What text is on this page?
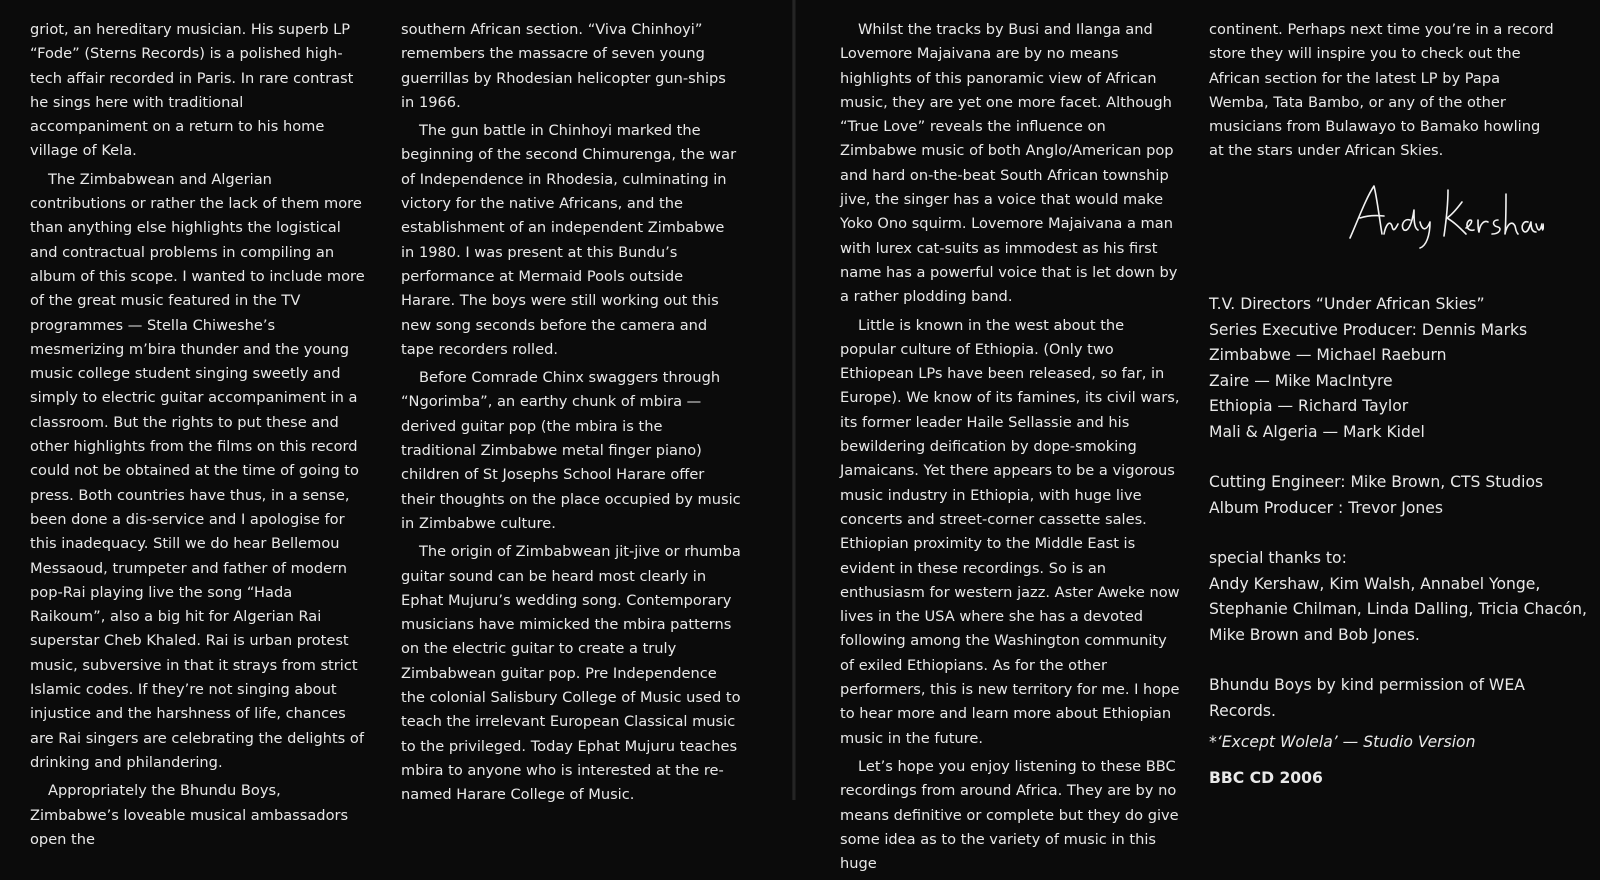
griot, an hereditary musician. His superb LP “Fode” (Sterns Records) is a polished high-tech affair recorded in Paris. In rare contrast he sings here with traditional accompaniment on a return to his home village of Kela.

The Zimbabwean and Algerian contributions or rather the lack of them more than anything else highlights the logistical and contractual problems in compiling an album of this scope. I wanted to include more of the great music featured in the TV programmes — Stella Chiweshe’s mesmerizing m’bira thunder and the young music college student singing sweetly and simply to electric guitar accompaniment in a classroom. But the rights to put these and other highlights from the films on this record could not be obtained at the time of going to press. Both countries have thus, in a sense, been done a dis-service and I apologise for this inadequacy. Still we do hear Bellemou Messaoud, trumpeter and father of modern pop-Rai playing live the song “Hada Raikoum”, also a big hit for Algerian Rai superstar Cheb Khaled. Rai is urban protest music, subversive in that it strays from strict Islamic codes. If they’re not singing about injustice and the harshness of life, chances are Rai singers are celebrating the delights of drinking and philandering.

Appropriately the Bhundu Boys, Zimbabwe’s loveable musical ambassadors open the

southern African section. “Viva Chinhoyi” remembers the massacre of seven young guerrillas by Rhodesian helicopter gun-ships in 1966.

The gun battle in Chinhoyi marked the beginning of the second Chimurenga, the war of Independence in Rhodesia, culminating in victory for the native Africans, and the establishment of an independent Zimbabwe in 1980. I was present at this Bundu’s performance at Mermaid Pools outside Harare. The boys were still working out this new song seconds before the camera and tape recorders rolled.

Before Comrade Chinx swaggers through “Ngorimba”, an earthy chunk of mbira — derived guitar pop (the mbira is the traditional Zimbabwe metal finger piano) children of St Josephs School Harare offer their thoughts on the place occupied by music in Zimbabwe culture.

The origin of Zimbabwean jit-jive or rhumba guitar sound can be heard most clearly in Ephat Mujuru’s wedding song. Contemporary musicians have mimicked the mbira patterns on the electric guitar to create a truly Zimbabwean guitar pop. Pre Independence the colonial Salisbury College of Music used to teach the irrelevant European Classical music to the privileged. Today Ephat Mujuru teaches mbira to anyone who is interested at the re-named Harare College of Music.

Whilst the tracks by Busi and Ilanga and Lovemore Majaivana are by no means highlights of this panoramic view of African music, they are yet one more facet. Although “True Love” reveals the influence on Zimbabwe music of both Anglo/American pop and hard on-the-beat South African township jive, the singer has a voice that would make Yoko Ono squirm. Lovemore Majaivana a man with lurex cat-suits as immodest as his first name has a powerful voice that is let down by a rather plodding band.

Little is known in the west about the popular culture of Ethiopia. (Only two Ethiopean LPs have been released, so far, in Europe). We know of its famines, its civil wars, its former leader Haile Sellassie and his bewildering deification by dope-smoking Jamaicans. Yet there appears to be a vigorous music industry in Ethiopia, with huge live concerts and street-corner cassette sales. Ethiopian proximity to the Middle East is evident in these recordings. So is an enthusiasm for western jazz. Aster Aweke now lives in the USA where she has a devoted following among the Washington community of exiled Ethiopians. As for the other performers, this is new territory for me. I hope to hear more and learn more about Ethiopian music in the future.

Let’s hope you enjoy listening to these BBC recordings from around Africa. They are by no means definitive or complete but they do give some idea as to the variety of music in this huge

continent. Perhaps next time you’re in a record store they will inspire you to check out the African section for the latest LP by Papa Wemba, Tata Bambo, or any of the other musicians from Bulawayo to Bamako howling at the stars under African Skies.

T.V. Directors “Under African Skies”
Series Executive Producer: Dennis Marks
Zimbabwe — Michael Raeburn
Zaire — Mike MacIntyre
Ethiopia — Richard Taylor
Mali & Algeria — Mark Kidel
Cutting Engineer: Mike Brown, CTS Studios
Album Producer : Trevor Jones
special thanks to:
Andy Kershaw, Kim Walsh, Annabel Yonge,
Stephanie Chilman, Linda Dalling, Tricia Chacón,
Mike Brown and Bob Jones.
Bhundu Boys by kind permission of WEA
Records.
*‘Except Wolela’ — Studio Version
BBC CD 2006
